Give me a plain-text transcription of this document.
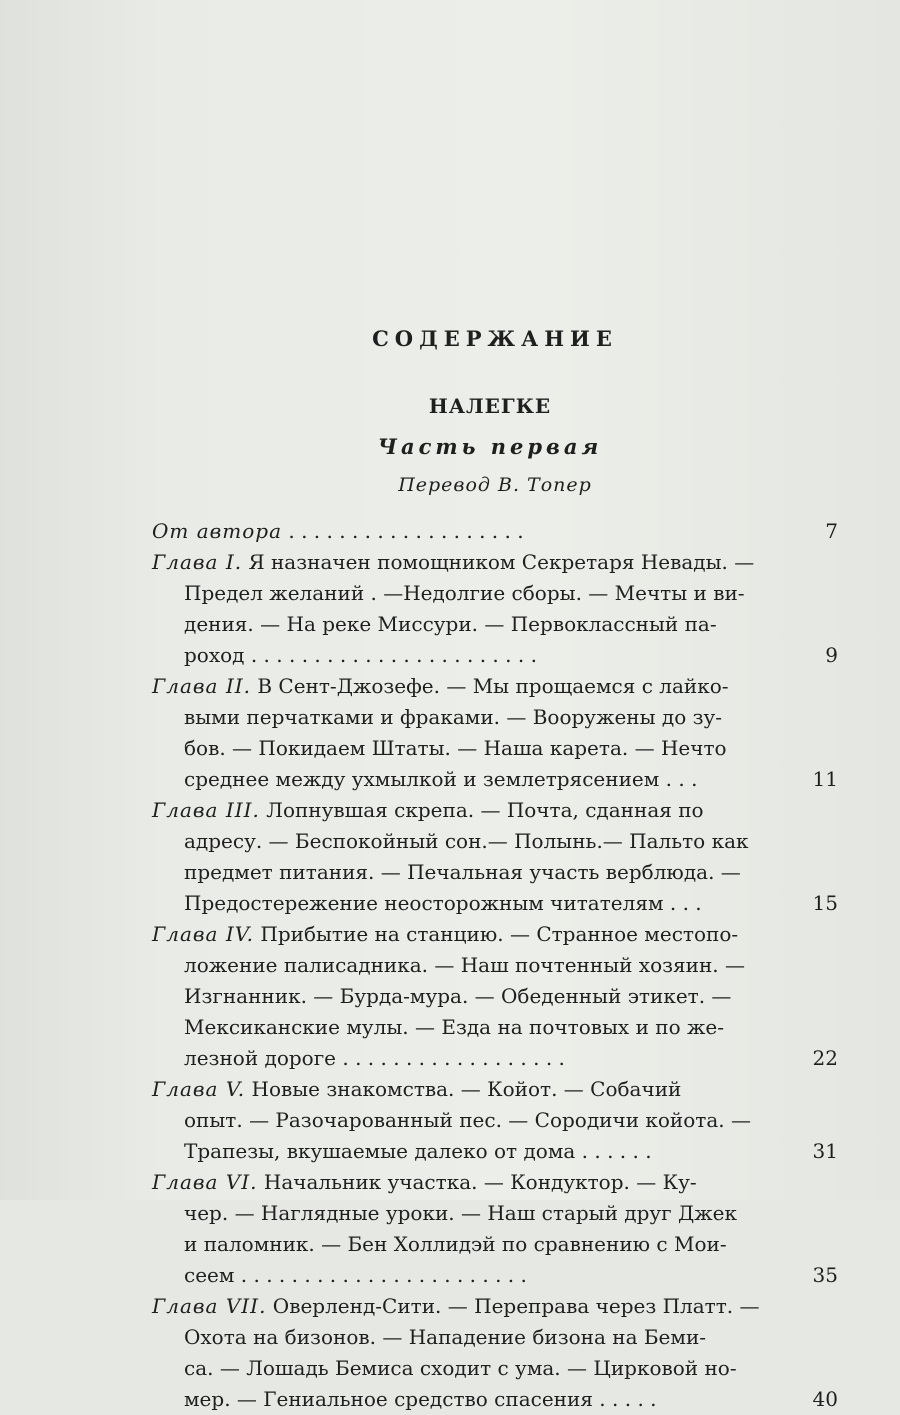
СОДЕРЖАНИЕ
НАЛЕГКЕ
Часть первая
Перевод В. Топер
От автора . . . . . . . . . . . . . . . . . . .	7
Глава I. Я назначен помощником Секретаря Невады. —
Предел желаний . —Недолгие сборы. — Мечты и ви-
дения. — На реке Миссури. — Первоклассный па-
роход . . . . . . . . . . . . . . . . . . . . . . .	9
Глава II. В Сент-Джозефе. — Мы прощаемся с лайко-
выми перчатками и фраками. — Вооружены до зу-
бов. — Покидаем Штаты. — Наша карета. — Нечто
среднее между ухмылкой и землетрясением . . .	11
Глава III. Лопнувшая скрепа. — Почта, сданная по
адресу. — Беспокойный сон.— Полынь.— Пальто как
предмет питания. — Печальная участь верблюда. —
Предостережение неосторожным читателям . . .	15
Глава IV. Прибытие на станцию. — Странное местопо-
ложение палисадника. — Наш почтенный хозяин. —
Изгнанник. — Бурда-мура. — Обеденный этикет. —
Мексиканские мулы. — Езда на почтовых и по же-
лезной дороге . . . . . . . . . . . . . . . . . .	22
Глава V. Новые знакомства. — Койот. — Собачий
опыт. — Разочарованный пес. — Сородичи койота. —
Трапезы, вкушаемые далеко от дома . . . . . .	31
Глава VI. Начальник участка. — Кондуктор. — Ку-
чер. — Наглядные уроки. — Наш старый друг Джек
и паломник. — Бен Холлидэй по сравнению с Мои-
сеем . . . . . . . . . . . . . . . . . . . . . . .	35
Глава VII. Оверленд-Сити. — Переправа через Платт. —
Охота на бизонов. — Нападение бизона на Беми-
са. — Лошадь Бемиса сходит с ума. — Цирковой но-
мер. — Гениальное средство спасения . . . . .	40
